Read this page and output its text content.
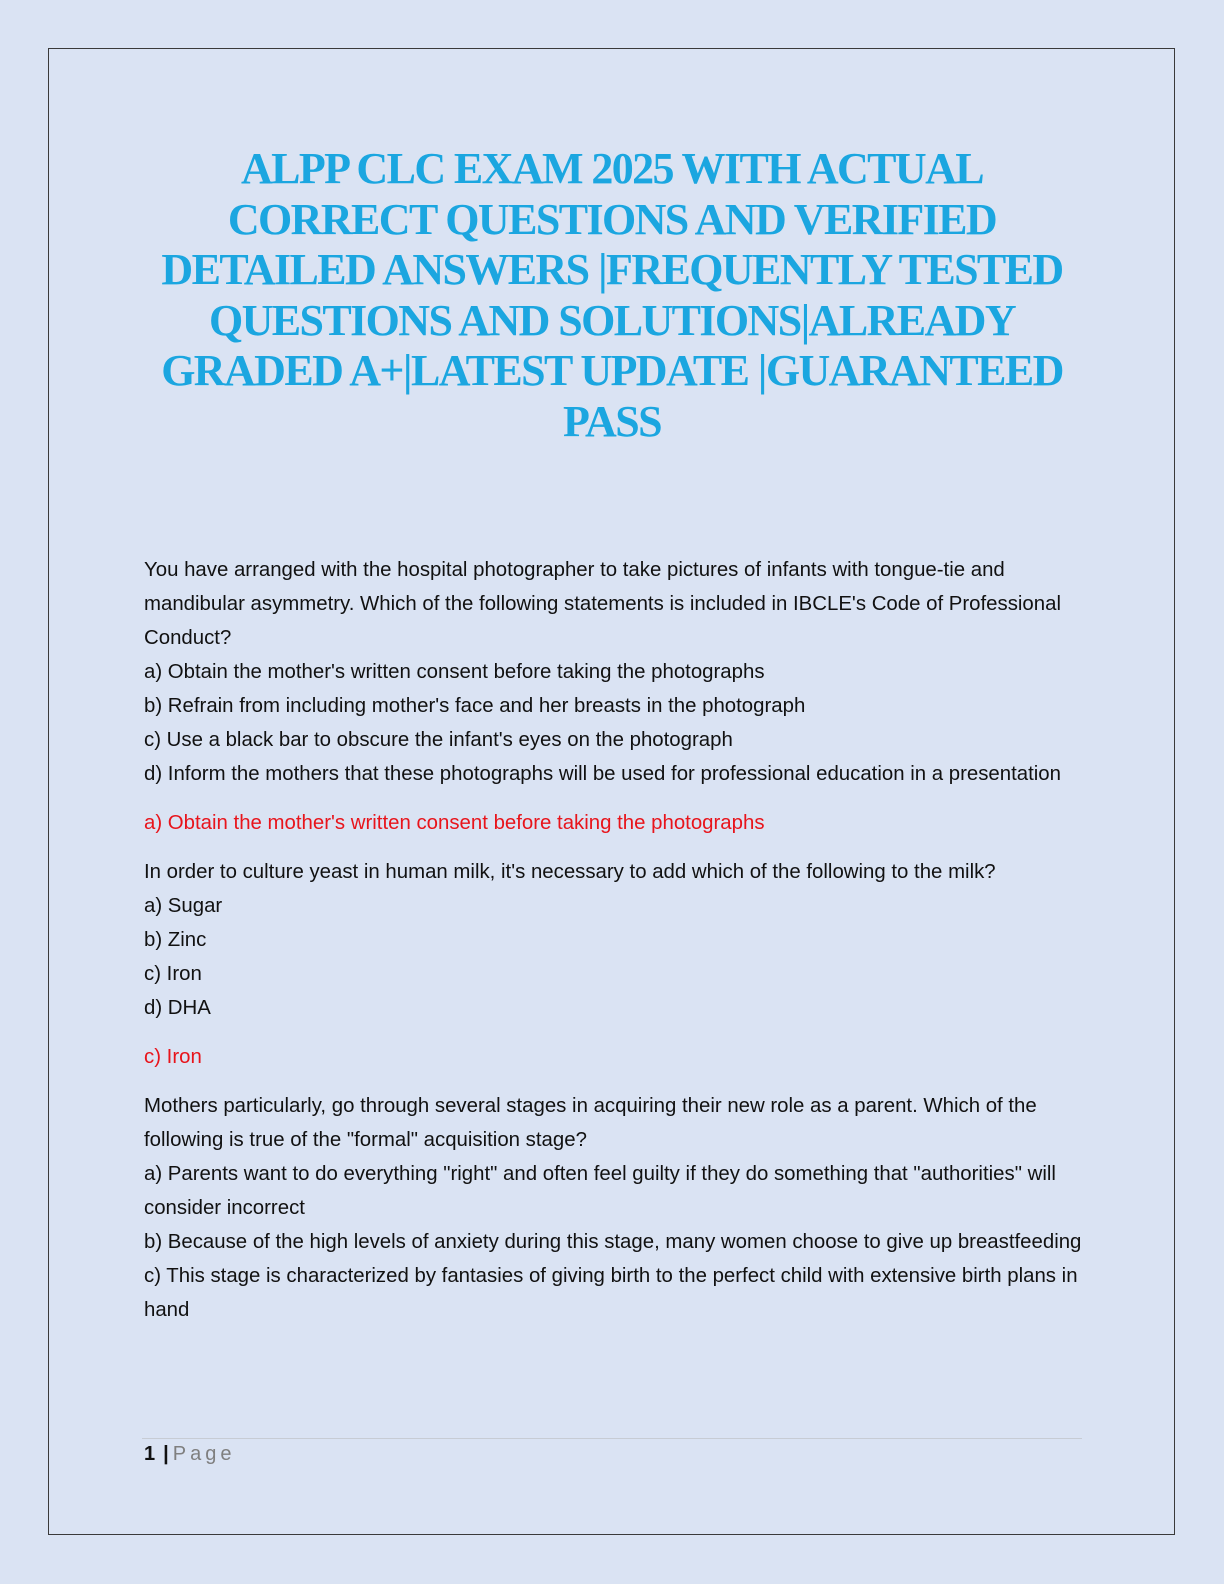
ALPP CLC EXAM 2025 WITH ACTUAL CORRECT QUESTIONS AND VERIFIED DETAILED ANSWERS |FREQUENTLY TESTED QUESTIONS AND SOLUTIONS|ALREADY GRADED A+|LATEST UPDATE |GUARANTEED PASS
You have arranged with the hospital photographer to take pictures of infants with tongue-tie and mandibular asymmetry. Which of the following statements is included in IBCLE's Code of Professional Conduct?
a) Obtain the mother's written consent before taking the photographs
b) Refrain from including mother's face and her breasts in the photograph
c) Use a black bar to obscure the infant's eyes on the photograph
d) Inform the mothers that these photographs will be used for professional education in a presentation
a) Obtain the mother's written consent before taking the photographs
In order to culture yeast in human milk, it's necessary to add which of the following to the milk?
a) Sugar
b) Zinc
c) Iron
d) DHA
c) Iron
Mothers particularly, go through several stages in acquiring their new role as a parent. Which of the following is true of the "formal" acquisition stage?
a) Parents want to do everything "right" and often feel guilty if they do something that "authorities" will consider incorrect
b) Because of the high levels of anxiety during this stage, many women choose to give up breastfeeding
c) This stage is characterized by fantasies of giving birth to the perfect child with extensive birth plans in hand
1 | Page
